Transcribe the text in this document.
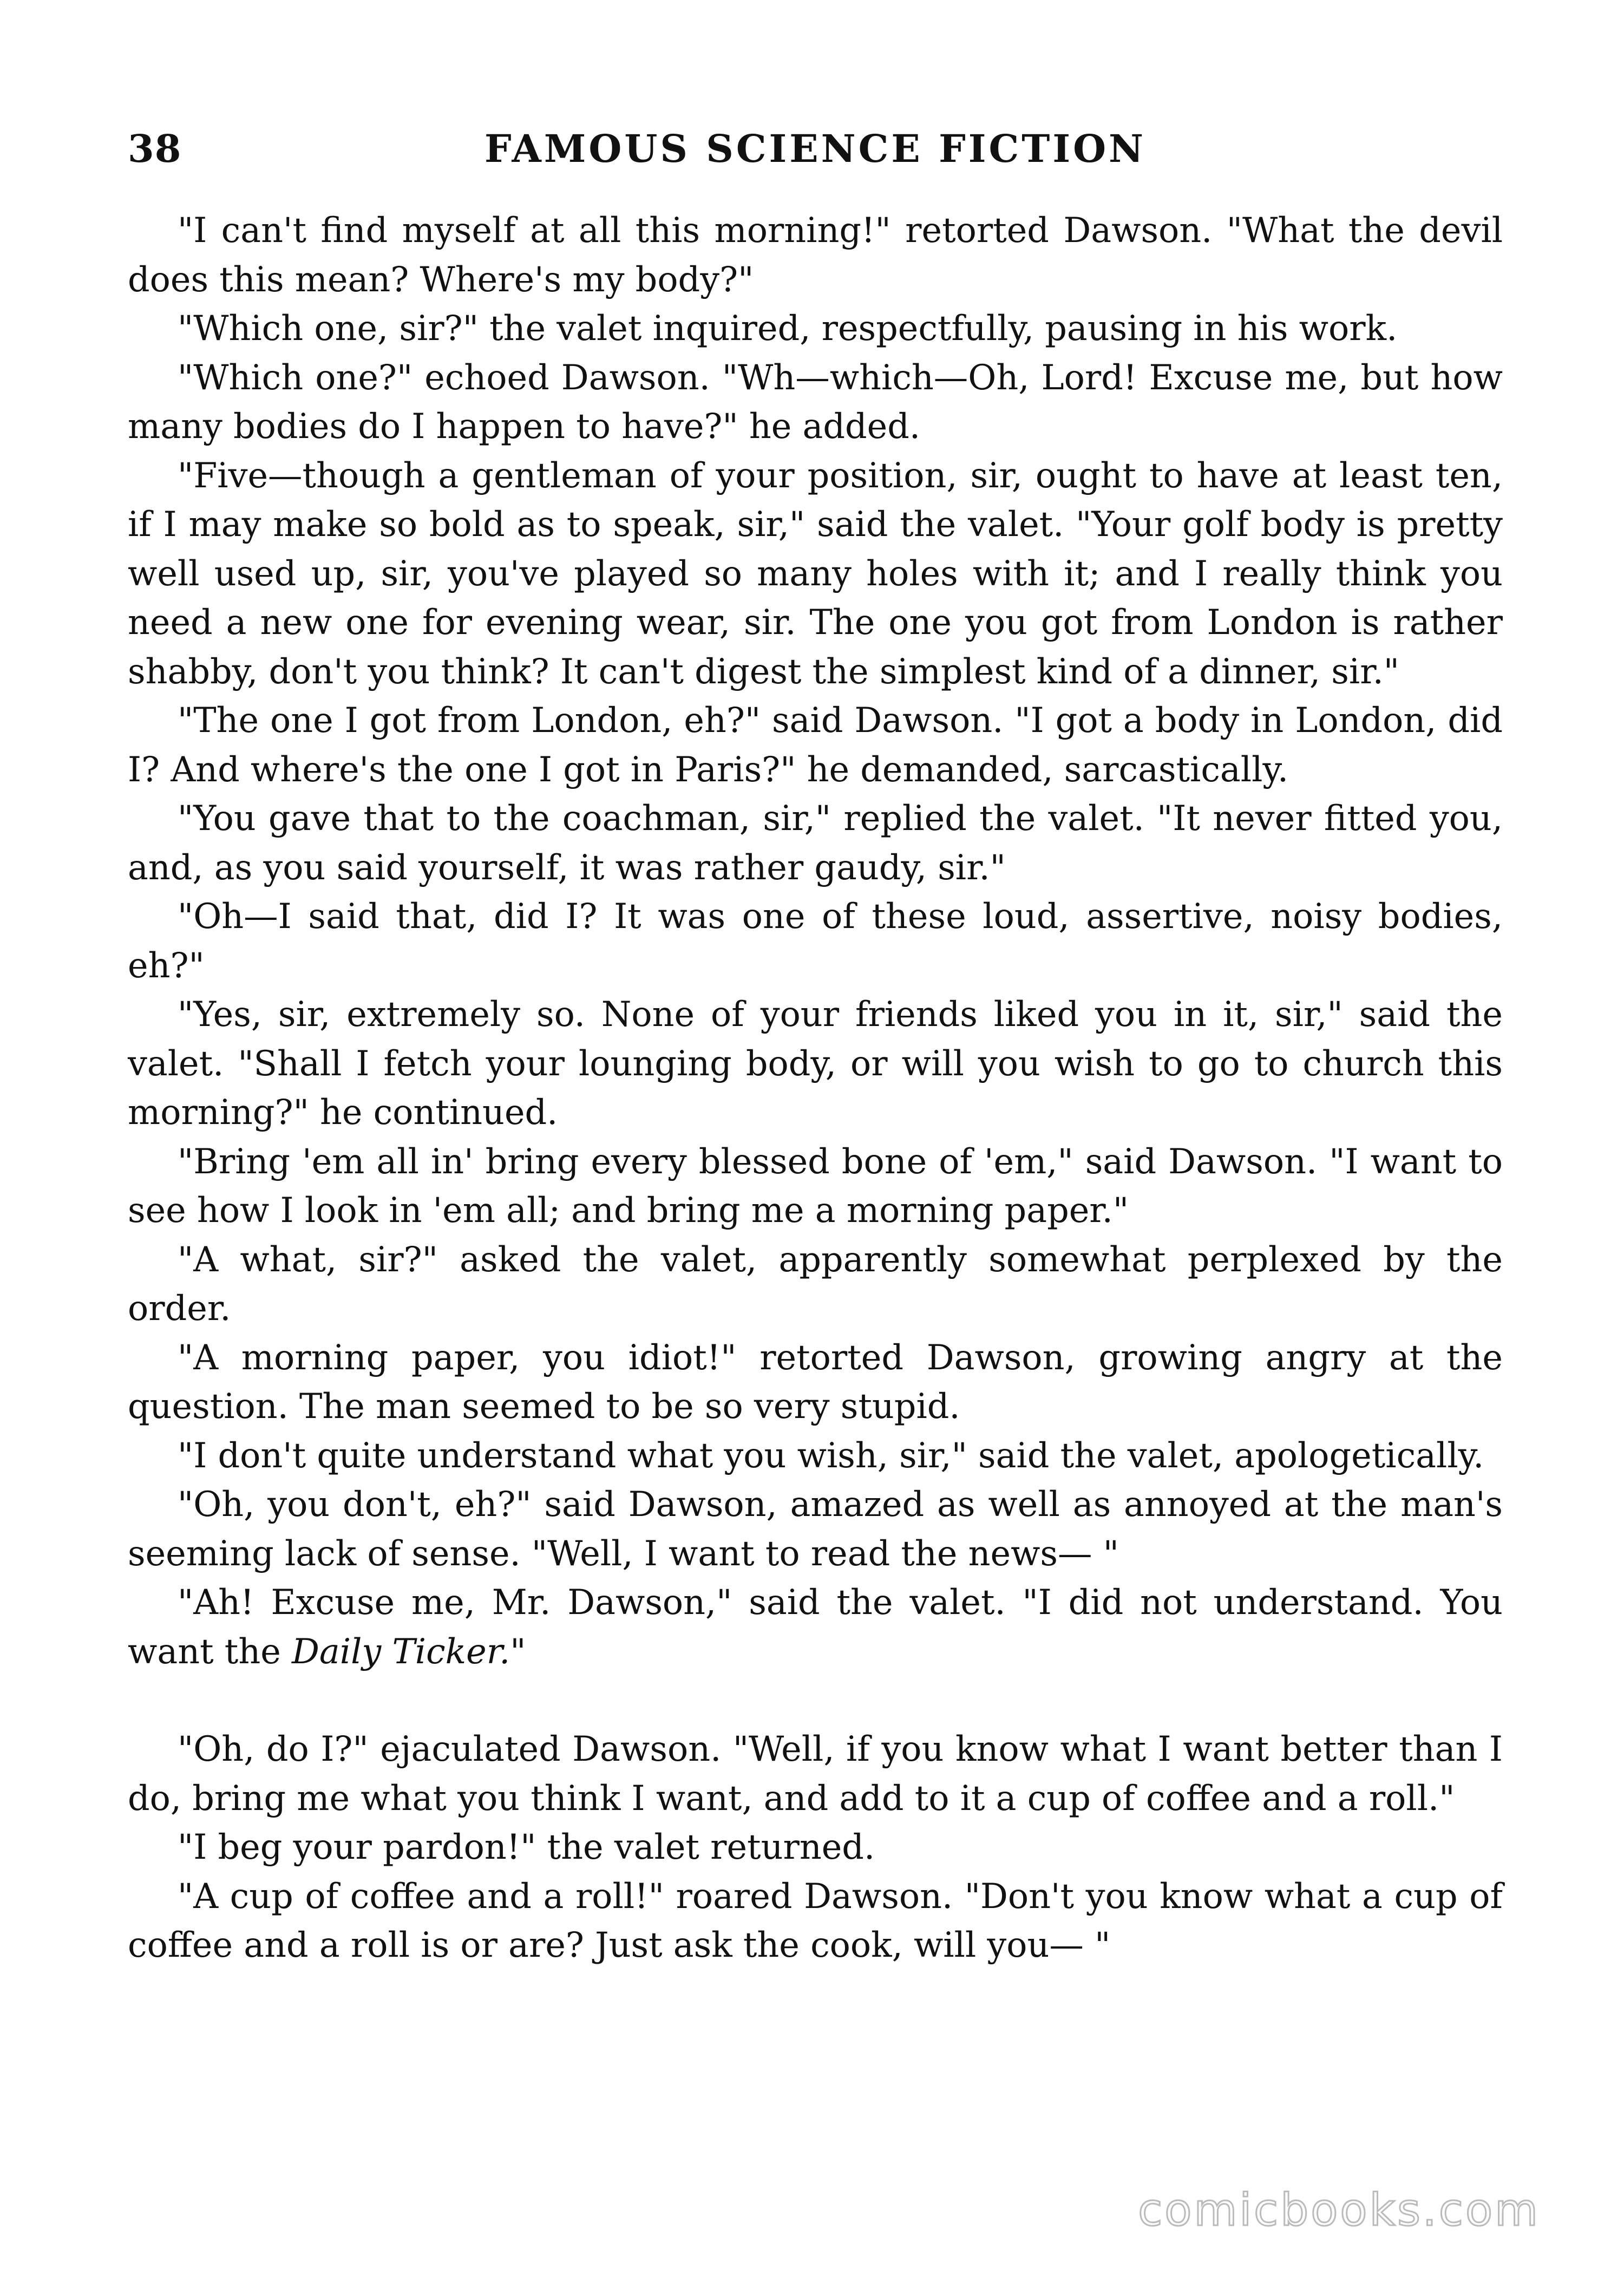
38	FAMOUS SCIENCE FICTION

"I can't find myself at all this morning!" retorted Dawson. "What the devil does this mean? Where's my body?"

"Which one, sir?" the valet inquired, respectfully, pausing in his work.

"Which one?" echoed Dawson. "Wh—which—Oh, Lord! Excuse me, but how many bodies do I happen to have?" he added.

"Five—though a gentleman of your position, sir, ought to have at least ten, if I may make so bold as to speak, sir," said the valet. "Your golf body is pretty well used up, sir, you've played so many holes with it; and I really think you need a new one for evening wear, sir. The one you got from London is rather shabby, don't you think? It can't digest the simplest kind of a dinner, sir."

"The one I got from London, eh?" said Dawson. "I got a body in London, did I? And where's the one I got in Paris?" he demanded, sarcastically.

"You gave that to the coachman, sir," replied the valet. "It never fitted you, and, as you said yourself, it was rather gaudy, sir."

"Oh—I said that, did I? It was one of these loud, assertive, noisy bodies, eh?"

"Yes, sir, extremely so. None of your friends liked you in it, sir," said the valet. "Shall I fetch your lounging body, or will you wish to go to church this morning?" he continued.

"Bring 'em all in' bring every blessed bone of 'em," said Dawson. "I want to see how I look in 'em all; and bring me a morning paper."

"A what, sir?" asked the valet, apparently somewhat perplexed by the order.

"A morning paper, you idiot!" retorted Dawson, growing angry at the question. The man seemed to be so very stupid.

"I don't quite understand what you wish, sir," said the valet, apologetically.

"Oh, you don't, eh?" said Dawson, amazed as well as annoyed at the man's seeming lack of sense. "Well, I want to read the news— "

"Ah! Excuse me, Mr. Dawson," said the valet. "I did not understand. You want the Daily Ticker."

"Oh, do I?" ejaculated Dawson. "Well, if you know what I want better than I do, bring me what you think I want, and add to it a cup of coffee and a roll."

"I beg your pardon!" the valet returned.

"A cup of coffee and a roll!" roared Dawson. "Don't you know what a cup of coffee and a roll is or are? Just ask the cook, will you— "

comicbooks.com
